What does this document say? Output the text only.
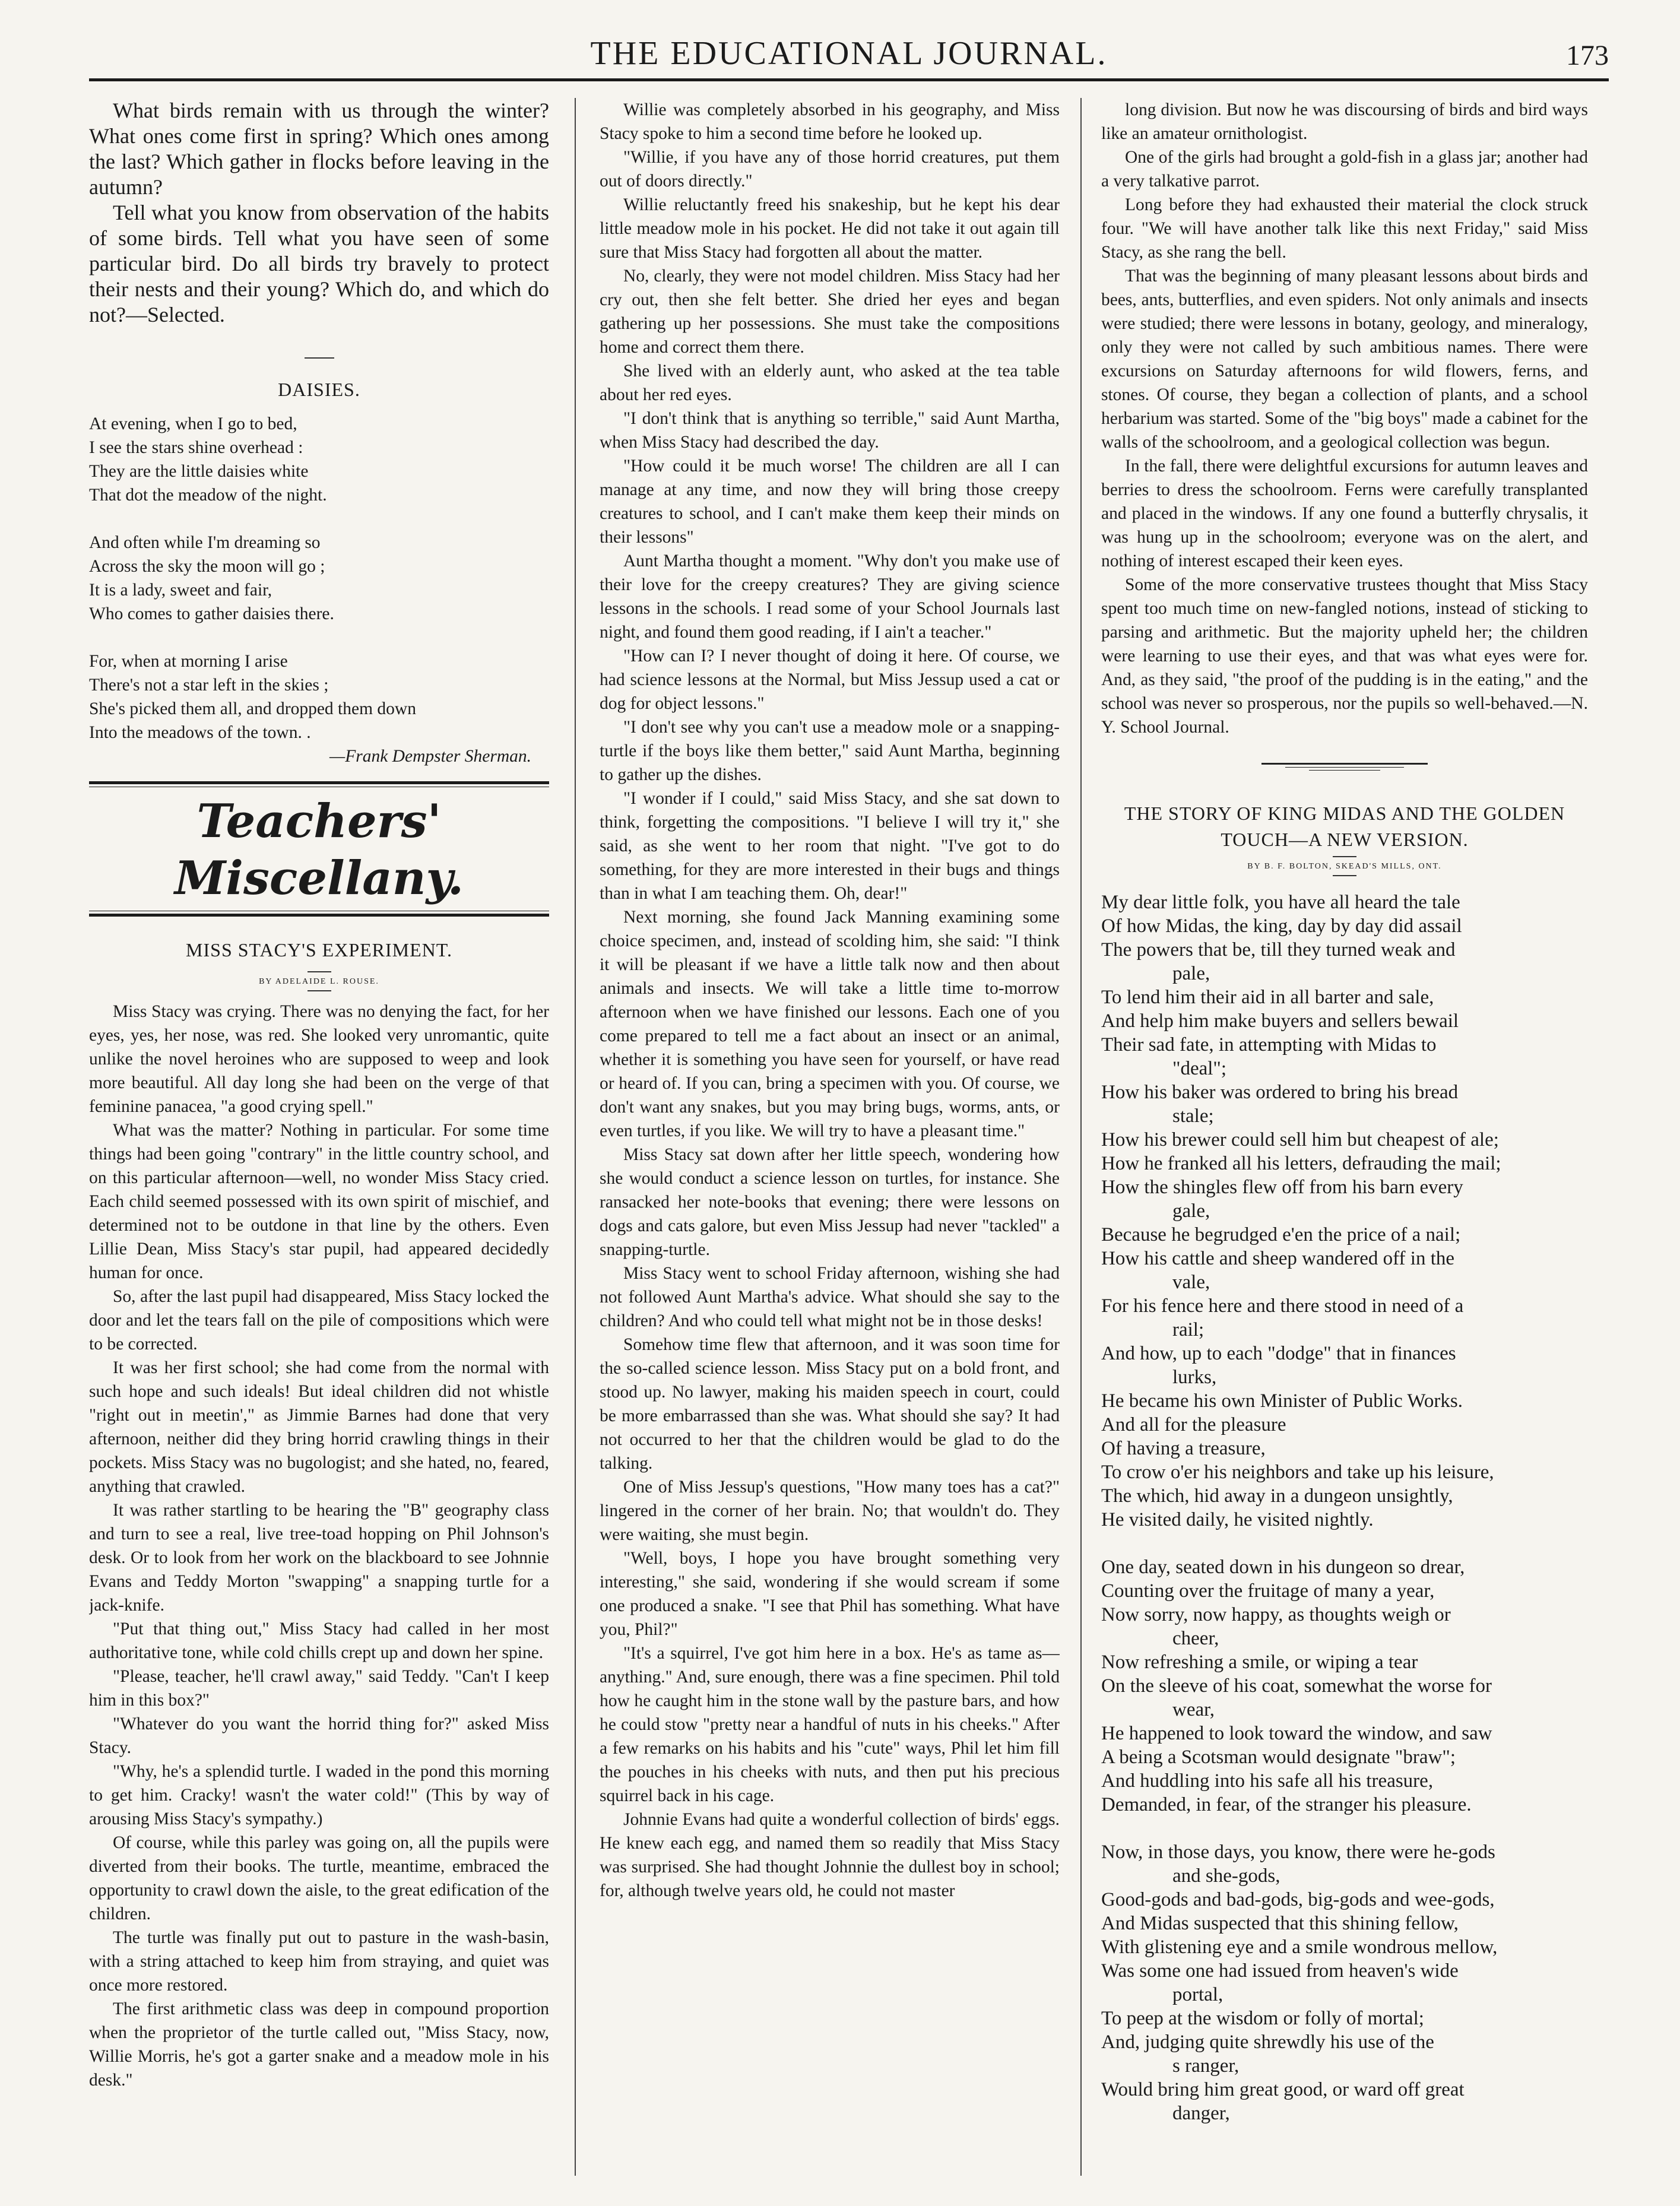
THE EDUCATIONAL JOURNAL.	173

What birds remain with us through the winter? What ones come first in spring? Which ones among the last? Which gather in flocks before leaving in the autumn?

Tell what you know from observation of the habits of some birds. Tell what you have seen of some particular bird. Do all birds try bravely to protect their nests and their young? Which do, and which do not?—Selected.

DAISIES.

At evening, when I go to bed,
I see the stars shine overhead :
They are the little daisies white
That dot the meadow of the night.
And often while I'm dreaming so
Across the sky the moon will go ;
It is a lady, sweet and fair,
Who comes to gather daisies there.
For, when at morning I arise
There's not a star left in the skies ;
She's picked them all, and dropped them down
Into the meadows of the town. .
—Frank Dempster Sherman.
Teachers' Miscellany.

MISS STACY'S EXPERIMENT.

BY ADELAIDE L. ROUSE.

Miss Stacy was crying. There was no denying the fact, for her eyes, yes, her nose, was red. She looked very unromantic, quite unlike the novel heroines who are supposed to weep and look more beautiful. All day long she had been on the verge of that feminine panacea, "a good crying spell."

What was the matter? Nothing in particular. For some time things had been going "contrary" in the little country school, and on this particular afternoon—well, no wonder Miss Stacy cried. Each child seemed possessed with its own spirit of mischief, and determined not to be outdone in that line by the others. Even Lillie Dean, Miss Stacy's star pupil, had appeared decidedly human for once.

So, after the last pupil had disappeared, Miss Stacy locked the door and let the tears fall on the pile of compositions which were to be corrected.

It was her first school; she had come from the normal with such hope and such ideals! But ideal children did not whistle "right out in meetin'," as Jimmie Barnes had done that very afternoon, neither did they bring horrid crawling things in their pockets. Miss Stacy was no bugologist; and she hated, no, feared, anything that crawled.

It was rather startling to be hearing the "B" geography class and turn to see a real, live tree-toad hopping on Phil Johnson's desk. Or to look from her work on the blackboard to see Johnnie Evans and Teddy Morton "swapping" a snapping turtle for a jack-knife.

"Put that thing out," Miss Stacy had called in her most authoritative tone, while cold chills crept up and down her spine.

"Please, teacher, he'll crawl away," said Teddy. "Can't I keep him in this box?"

"Whatever do you want the horrid thing for?" asked Miss Stacy.

"Why, he's a splendid turtle. I waded in the pond this morning to get him. Cracky! wasn't the water cold!" (This by way of arousing Miss Stacy's sympathy.)

Of course, while this parley was going on, all the pupils were diverted from their books. The turtle, meantime, embraced the opportunity to crawl down the aisle, to the great edification of the children.

The turtle was finally put out to pasture in the wash-basin, with a string attached to keep him from straying, and quiet was once more restored.

The first arithmetic class was deep in compound proportion when the proprietor of the turtle called out, "Miss Stacy, now, Willie Morris, he's got a garter snake and a meadow mole in his desk."

Willie was completely absorbed in his geography, and Miss Stacy spoke to him a second time before he looked up.

"Willie, if you have any of those horrid creatures, put them out of doors directly."

Willie reluctantly freed his snakeship, but he kept his dear little meadow mole in his pocket. He did not take it out again till sure that Miss Stacy had forgotten all about the matter.

No, clearly, they were not model children. Miss Stacy had her cry out, then she felt better. She dried her eyes and began gathering up her possessions. She must take the compositions home and correct them there.

She lived with an elderly aunt, who asked at the tea table about her red eyes.

"I don't think that is anything so terrible," said Aunt Martha, when Miss Stacy had described the day.

"How could it be much worse! The children are all I can manage at any time, and now they will bring those creepy creatures to school, and I can't make them keep their minds on their lessons"

Aunt Martha thought a moment. "Why don't you make use of their love for the creepy creatures? They are giving science lessons in the schools. I read some of your School Journals last night, and found them good reading, if I ain't a teacher."

"How can I? I never thought of doing it here. Of course, we had science lessons at the Normal, but Miss Jessup used a cat or dog for object lessons."

"I don't see why you can't use a meadow mole or a snapping-turtle if the boys like them better," said Aunt Martha, beginning to gather up the dishes.

"I wonder if I could," said Miss Stacy, and she sat down to think, forgetting the compositions. "I believe I will try it," she said, as she went to her room that night. "I've got to do something, for they are more interested in their bugs and things than in what I am teaching them. Oh, dear!"

Next morning, she found Jack Manning examining some choice specimen, and, instead of scolding him, she said: "I think it will be pleasant if we have a little talk now and then about animals and insects. We will take a little time to-morrow afternoon when we have finished our lessons. Each one of you come prepared to tell me a fact about an insect or an animal, whether it is something you have seen for yourself, or have read or heard of. If you can, bring a specimen with you. Of course, we don't want any snakes, but you may bring bugs, worms, ants, or even turtles, if you like. We will try to have a pleasant time."

Miss Stacy sat down after her little speech, wondering how she would conduct a science lesson on turtles, for instance. She ransacked her note-books that evening; there were lessons on dogs and cats galore, but even Miss Jessup had never "tackled" a snapping-turtle.

Miss Stacy went to school Friday afternoon, wishing she had not followed Aunt Martha's advice. What should she say to the children? And who could tell what might not be in those desks!

Somehow time flew that afternoon, and it was soon time for the so-called science lesson. Miss Stacy put on a bold front, and stood up. No lawyer, making his maiden speech in court, could be more embarrassed than she was. What should she say? It had not occurred to her that the children would be glad to do the talking.

One of Miss Jessup's questions, "How many toes has a cat?" lingered in the corner of her brain. No; that wouldn't do. They were waiting, she must begin.

"Well, boys, I hope you have brought something very interesting," she said, wondering if she would scream if some one produced a snake. "I see that Phil has something. What have you, Phil?"

"It's a squirrel, I've got him here in a box. He's as tame as—anything." And, sure enough, there was a fine specimen. Phil told how he caught him in the stone wall by the pasture bars, and how he could stow "pretty near a handful of nuts in his cheeks." After a few remarks on his habits and his "cute" ways, Phil let him fill the pouches in his cheeks with nuts, and then put his precious squirrel back in his cage.

Johnnie Evans had quite a wonderful collection of birds' eggs. He knew each egg, and named them so readily that Miss Stacy was surprised. She had thought Johnnie the dullest boy in school; for, although twelve years old, he could not master

long division. But now he was discoursing of birds and bird ways like an amateur ornithologist.

One of the girls had brought a gold-fish in a glass jar; another had a very talkative parrot.

Long before they had exhausted their material the clock struck four. "We will have another talk like this next Friday," said Miss Stacy, as she rang the bell.

That was the beginning of many pleasant lessons about birds and bees, ants, butterflies, and even spiders. Not only animals and insects were studied; there were lessons in botany, geology, and mineralogy, only they were not called by such ambitious names. There were excursions on Saturday afternoons for wild flowers, ferns, and stones. Of course, they began a collection of plants, and a school herbarium was started. Some of the "big boys" made a cabinet for the walls of the schoolroom, and a geological collection was begun.

In the fall, there were delightful excursions for autumn leaves and berries to dress the schoolroom. Ferns were carefully transplanted and placed in the windows. If any one found a butterfly chrysalis, it was hung up in the schoolroom; everyone was on the alert, and nothing of interest escaped their keen eyes.

Some of the more conservative trustees thought that Miss Stacy spent too much time on new-fangled notions, instead of sticking to parsing and arithmetic. But the majority upheld her; the children were learning to use their eyes, and that was what eyes were for. And, as they said, "the proof of the pudding is in the eating," and the school was never so prosperous, nor the pupils so well-behaved.—N. Y. School Journal.

THE STORY OF KING MIDAS AND THE GOLDEN TOUCH—A NEW VERSION.

BY B. F. BOLTON, SKEAD'S MILLS, ONT.

My dear little folk, you have all heard the tale
Of how Midas, the king, day by day did assail
The powers that be, till they turned weak and
pale,
To lend him their aid in all barter and sale,
And help him make buyers and sellers bewail
Their sad fate, in attempting with Midas to
"deal";
How his baker was ordered to bring his bread
stale;
How his brewer could sell him but cheapest of ale;
How he franked all his letters, defrauding the mail;
How the shingles flew off from his barn every
gale,
Because he begrudged e'en the price of a nail;
How his cattle and sheep wandered off in the
vale,
For his fence here and there stood in need of a
rail;
And how, up to each "dodge" that in finances
lurks,
He became his own Minister of Public Works.
And all for the pleasure
Of having a treasure,
To crow o'er his neighbors and take up his leisure,
The which, hid away in a dungeon unsightly,
He visited daily, he visited nightly.
One day, seated down in his dungeon so drear,
Counting over the fruitage of many a year,
Now sorry, now happy, as thoughts weigh or
cheer,
Now refreshing a smile, or wiping a tear
On the sleeve of his coat, somewhat the worse for
wear,
He happened to look toward the window, and saw
A being a Scotsman would designate "braw";
And huddling into his safe all his treasure,
Demanded, in fear, of the stranger his pleasure.
Now, in those days, you know, there were he-gods
and she-gods,
Good-gods and bad-gods, big-gods and wee-gods,
And Midas suspected that this shining fellow,
With glistening eye and a smile wondrous mellow,
Was some one had issued from heaven's wide
portal,
To peep at the wisdom or folly of mortal;
And, judging quite shrewdly his use of the
s ranger,
Would bring him great good, or ward off great
danger,
